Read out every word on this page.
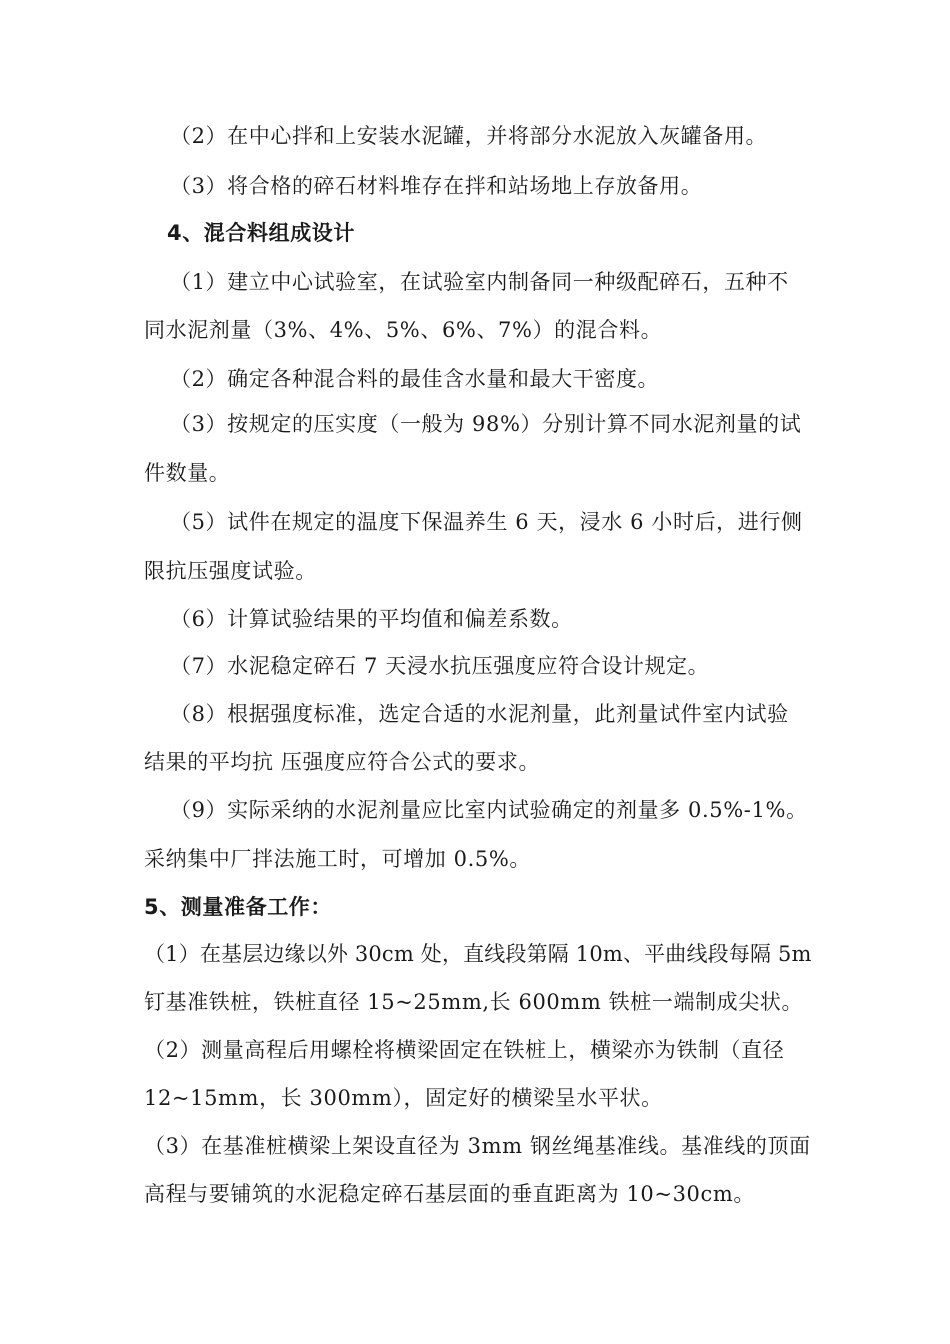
（2）在中心拌和上安装水泥罐，并将部分水泥放入灰罐备用。
（3）将合格的碎石材料堆存在拌和站场地上存放备用。
4、混合料组成设计
（1）建立中心试验室，在试验室内制备同一种级配碎石，五种不
同水泥剂量（3%、4%、5%、6%、7%）的混合料。
（2）确定各种混合料的最佳含水量和最大干密度。
（3）按规定的压实度（一般为 98%）分别计算不同水泥剂量的试
件数量。
（5）试件在规定的温度下保温养生 6 天，浸水 6 小时后，进行侧
限抗压强度试验。
（6）计算试验结果的平均值和偏差系数。
（7）水泥稳定碎石 7 天浸水抗压强度应符合设计规定。
（8）根据强度标准，选定合适的水泥剂量，此剂量试件室内试验
结果的平均抗 压强度应符合公式的要求。
（9）实际采纳的水泥剂量应比室内试验确定的剂量多 0.5%-1%。
采纳集中厂拌法施工时，可增加 0.5%。
5、测量准备工作：
（1）在基层边缘以外 30cm 处，直线段第隔 10m、平曲线段每隔 5m
钉基准铁桩，铁桩直径 15~25mm,长 600mm 铁桩一端制成尖状。
（2）测量高程后用螺栓将横梁固定在铁桩上，横梁亦为铁制（直径
12~15mm，长 300mm），固定好的横梁呈水平状。
（3）在基准桩横梁上架设直径为 3mm 钢丝绳基准线。基准线的顶面
高程与要铺筑的水泥稳定碎石基层面的垂直距离为 10~30cm。
